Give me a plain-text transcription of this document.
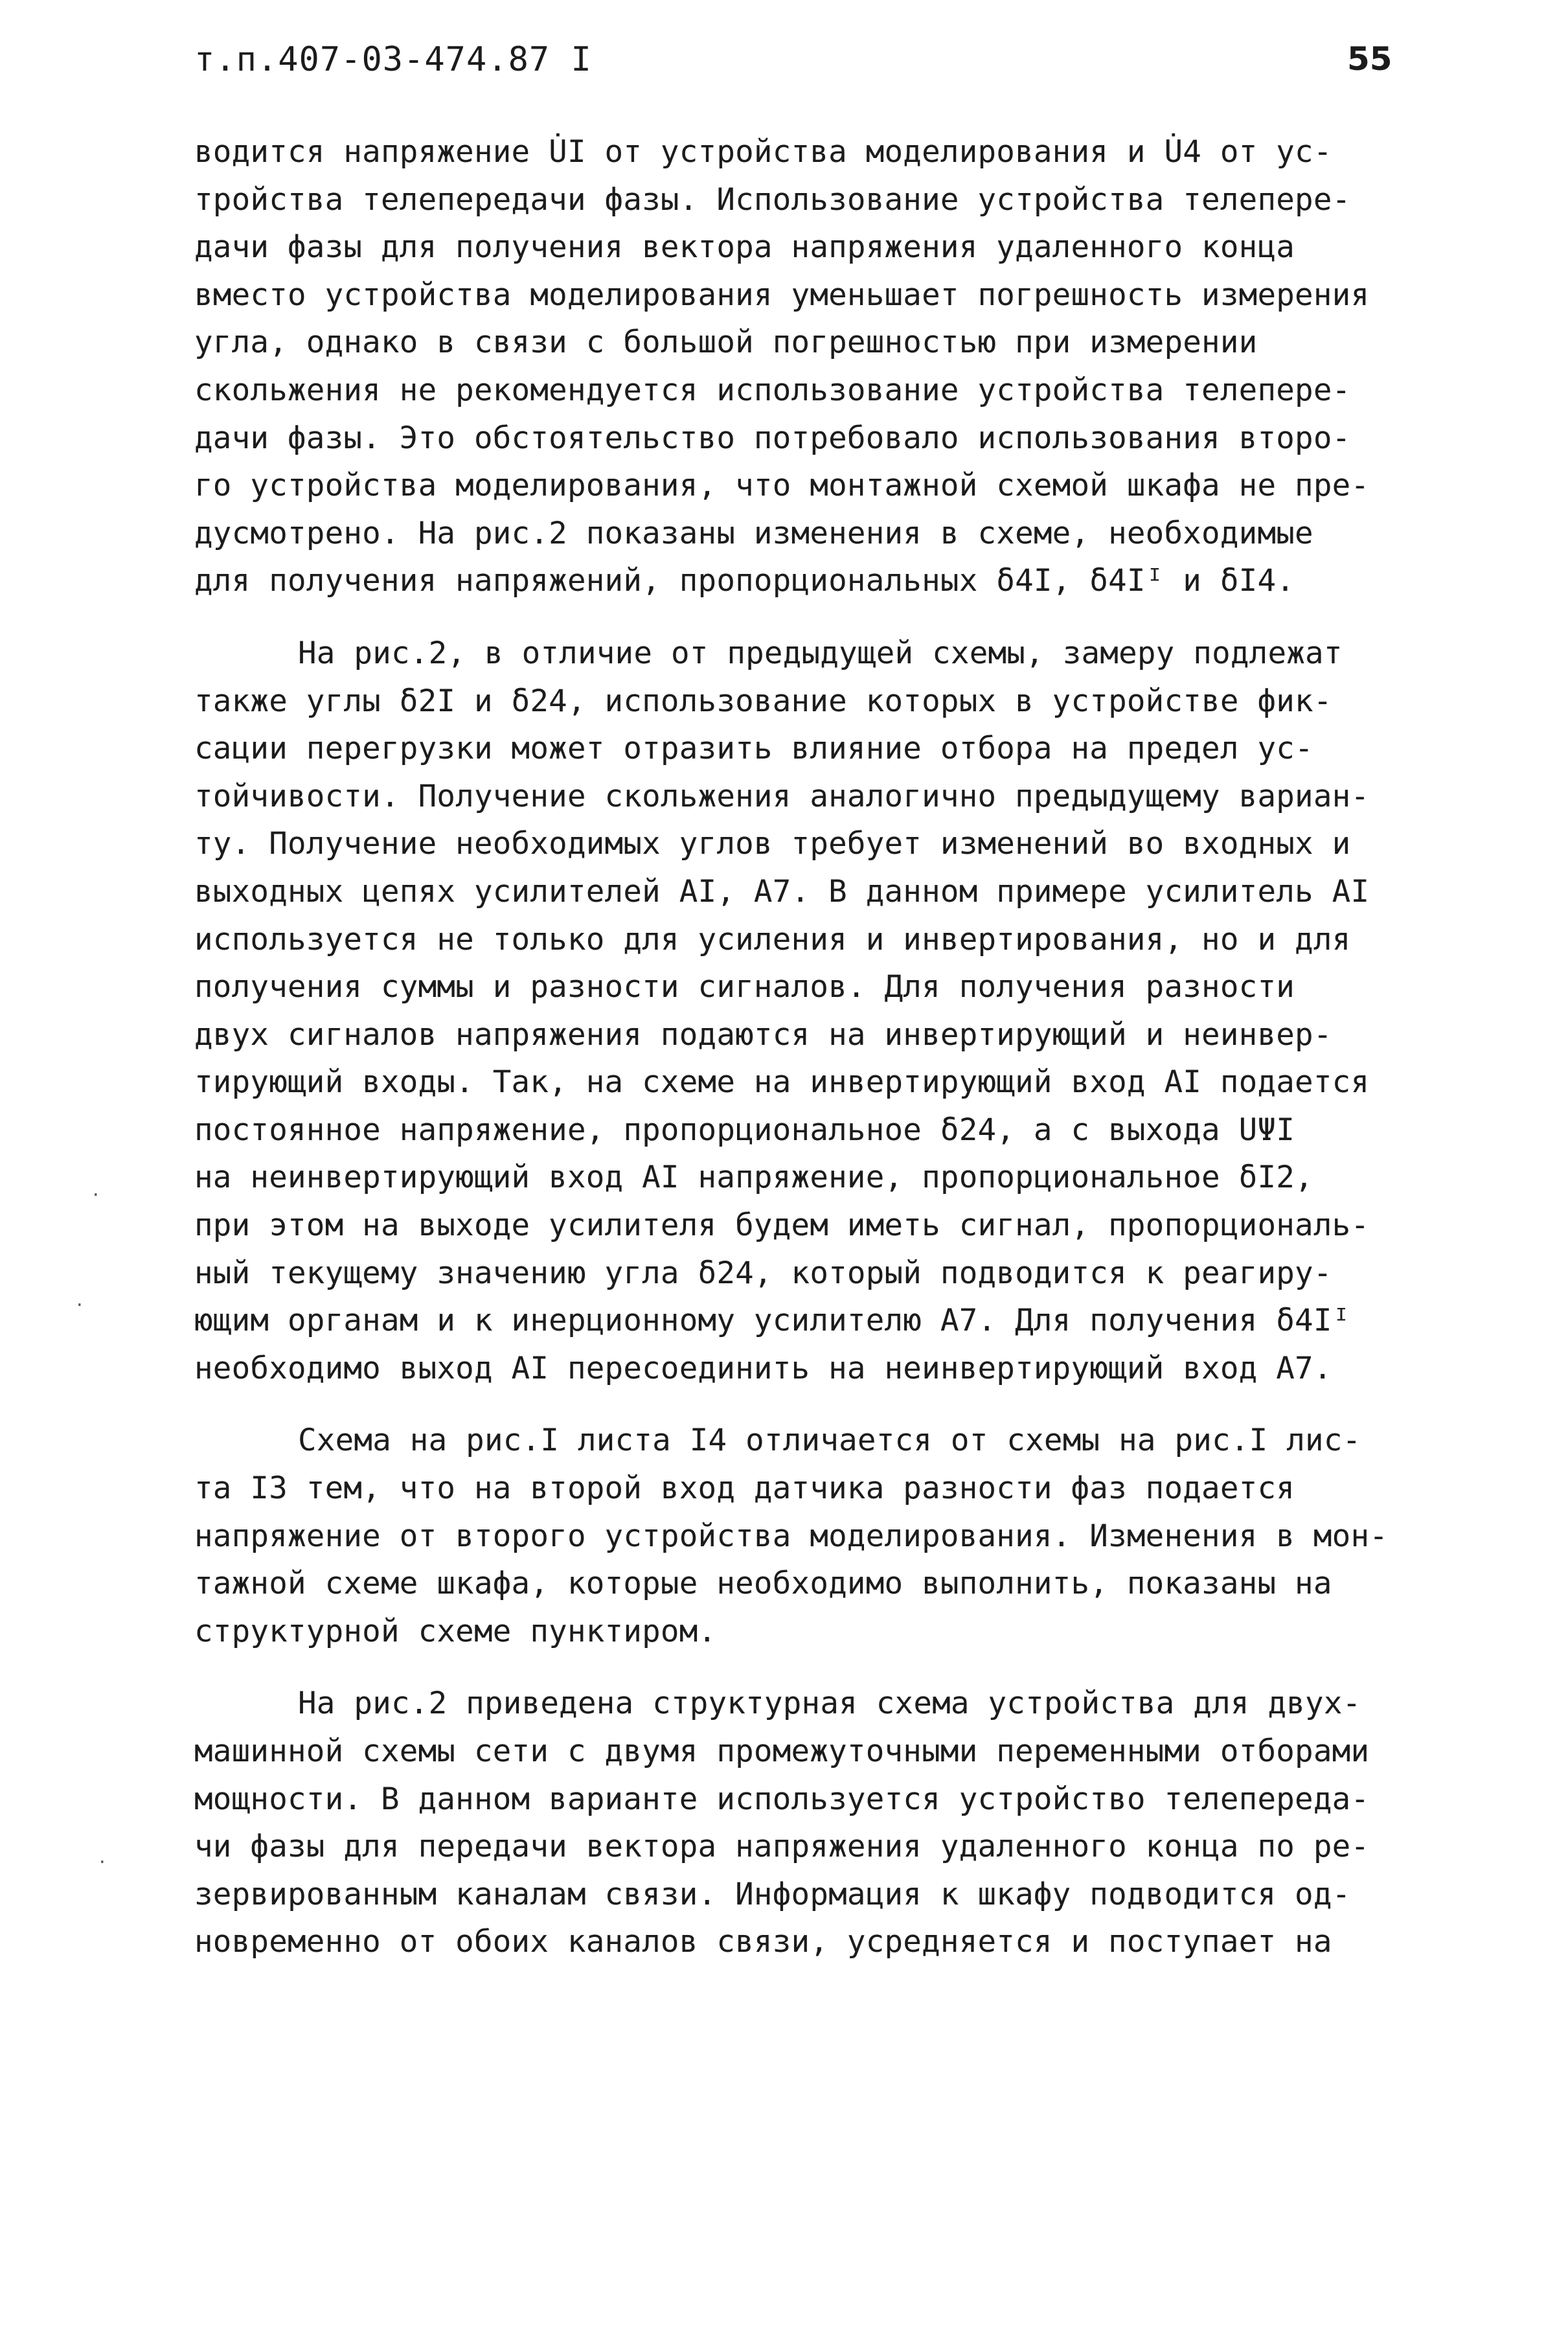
т.п.407-03-474.87 I	55
водится напряжение U̇I от устройства моделирования и U̇4 от ус-
тройства телепередачи фазы. Использование устройства телепере-
дачи фазы для получения вектора напряжения удаленного конца
вместо устройства моделирования уменьшает погрешность измерения
угла, однако в связи с большой погрешностью при измерении
скольжения не рекомендуется использование устройства телепере-
дачи фазы. Это обстоятельство потребовало использования второ-
го устройства моделирования, что монтажной схемой шкафа не пре-
дусмотрено. На рис.2 показаны изменения в схеме, необходимые
для получения напряжений, пропорциональных δ4I, δ4Iᴵ и δI4.
На рис.2, в отличие от предыдущей схемы, замеру подлежат
также углы δ2I и δ24, использование которых в устройстве фик-
сации перегрузки может отразить влияние отбора на предел ус-
тойчивости. Получение скольжения аналогично предыдущему вариан-
ту. Получение необходимых углов требует изменений во входных и
выходных цепях усилителей AI, A7. В данном примере усилитель AI
используется не только для усиления и инвертирования, но и для
получения суммы и разности сигналов. Для получения разности
двух сигналов напряжения подаются на инвертирующий и неинвер-
тирующий входы. Так, на схеме на инвертирующий вход AI подается
постоянное напряжение, пропорциональное δ24, а с выхода UΨI
на неинвертирующий вход AI напряжение, пропорциональное δI2,
при этом на выходе усилителя будем иметь сигнал, пропорциональ-
ный текущему значению угла δ24, который подводится к реагиру-
ющим органам и к инерционному усилителю A7. Для получения δ4Iᴵ
необходимо выход AI пересоединить на неинвертирующий вход A7.
Схема на рис.I листа I4 отличается от схемы на рис.I лис-
та I3 тем, что на второй вход датчика разности фаз подается
напряжение от второго устройства моделирования. Изменения в мон-
тажной схеме шкафа, которые необходимо выполнить, показаны на
структурной схеме пунктиром.
На рис.2 приведена структурная схема устройства для двух-
машинной схемы сети с двумя промежуточными переменными отборами
мощности. В данном варианте используется устройство телепереда-
чи фазы для передачи вектора напряжения удаленного конца по ре-
зервированным каналам связи. Информация к шкафу подводится од-
новременно от обоих каналов связи, усредняется и поступает на
·
·
·
